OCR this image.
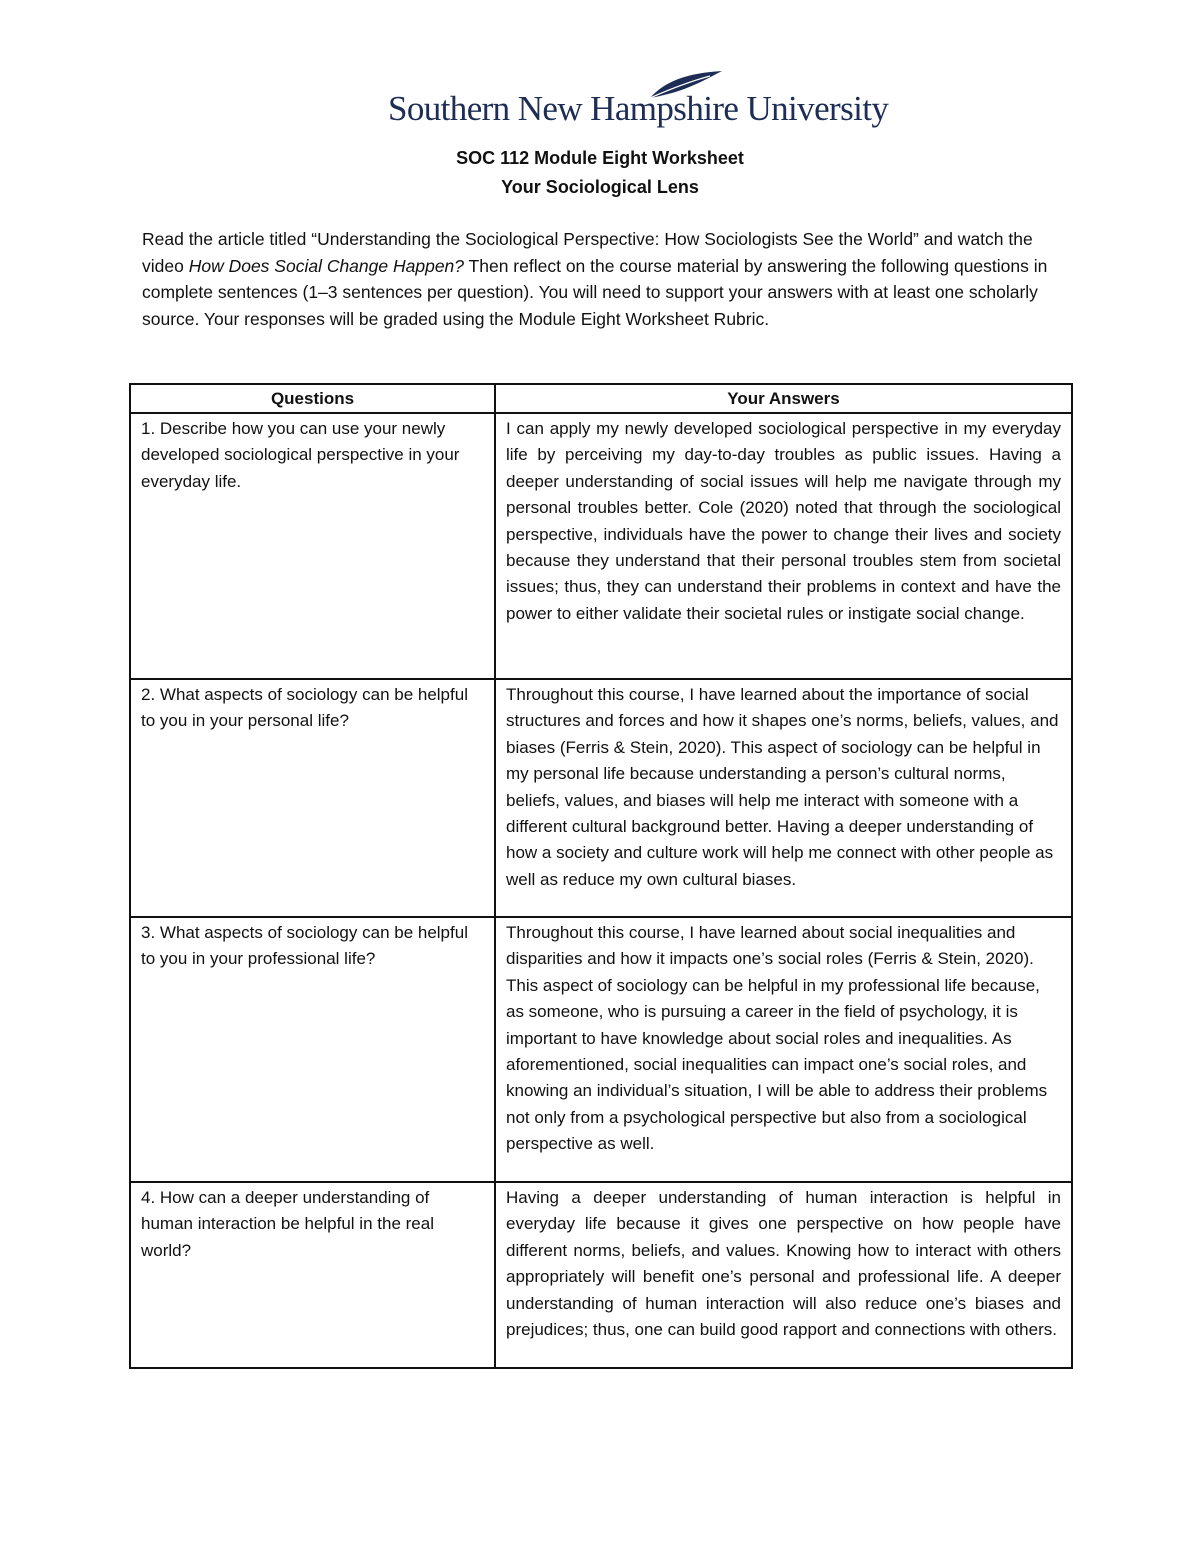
Southern New Hampshire University
SOC 112 Module Eight Worksheet
Your Sociological Lens
Read the article titled “Understanding the Sociological Perspective: How Sociologists See the World” and watch the video How Does Social Change Happen? Then reflect on the course material by answering the following questions in complete sentences (1–3 sentences per question). You will need to support your answers with at least one scholarly source. Your responses will be graded using the Module Eight Worksheet Rubric.
Questions	Your Answers
1. Describe how you can use your newly developed sociological perspective in your everyday life.	I can apply my newly developed sociological perspective in my everyday life by perceiving my day-to-day troubles as public issues. Having a deeper understanding of social issues will help me navigate through my personal troubles better. Cole (2020) noted that through the sociological perspective, individuals have the power to change their lives and society because they understand that their personal troubles stem from societal issues; thus, they can understand their problems in context and have the power to either validate their societal rules or instigate social change.
2. What aspects of sociology can be helpful to you in your personal life?	Throughout this course, I have learned about the importance of social structures and forces and how it shapes one’s norms, beliefs, values, and biases (Ferris & Stein, 2020). This aspect of sociology can be helpful in my personal life because understanding a person’s cultural norms, beliefs, values, and biases will help me interact with someone with a different cultural background better. Having a deeper understanding of how a society and culture work will help me connect with other people as well as reduce my own cultural biases.
3. What aspects of sociology can be helpful to you in your professional life?	Throughout this course, I have learned about social inequalities and disparities and how it impacts one’s social roles (Ferris & Stein, 2020). This aspect of sociology can be helpful in my professional life because, as someone, who is pursuing a career in the field of psychology, it is important to have knowledge about social roles and inequalities. As aforementioned, social inequalities can impact one’s social roles, and knowing an individual’s situation, I will be able to address their problems not only from a psychological perspective but also from a sociological perspective as well.
4. How can a deeper understanding of human interaction be helpful in the real world?	Having a deeper understanding of human interaction is helpful in everyday life because it gives one perspective on how people have different norms, beliefs, and values. Knowing how to interact with others appropriately will benefit one’s personal and professional life. A deeper understanding of human interaction will also reduce one’s biases and prejudices; thus, one can build good rapport and connections with others.
